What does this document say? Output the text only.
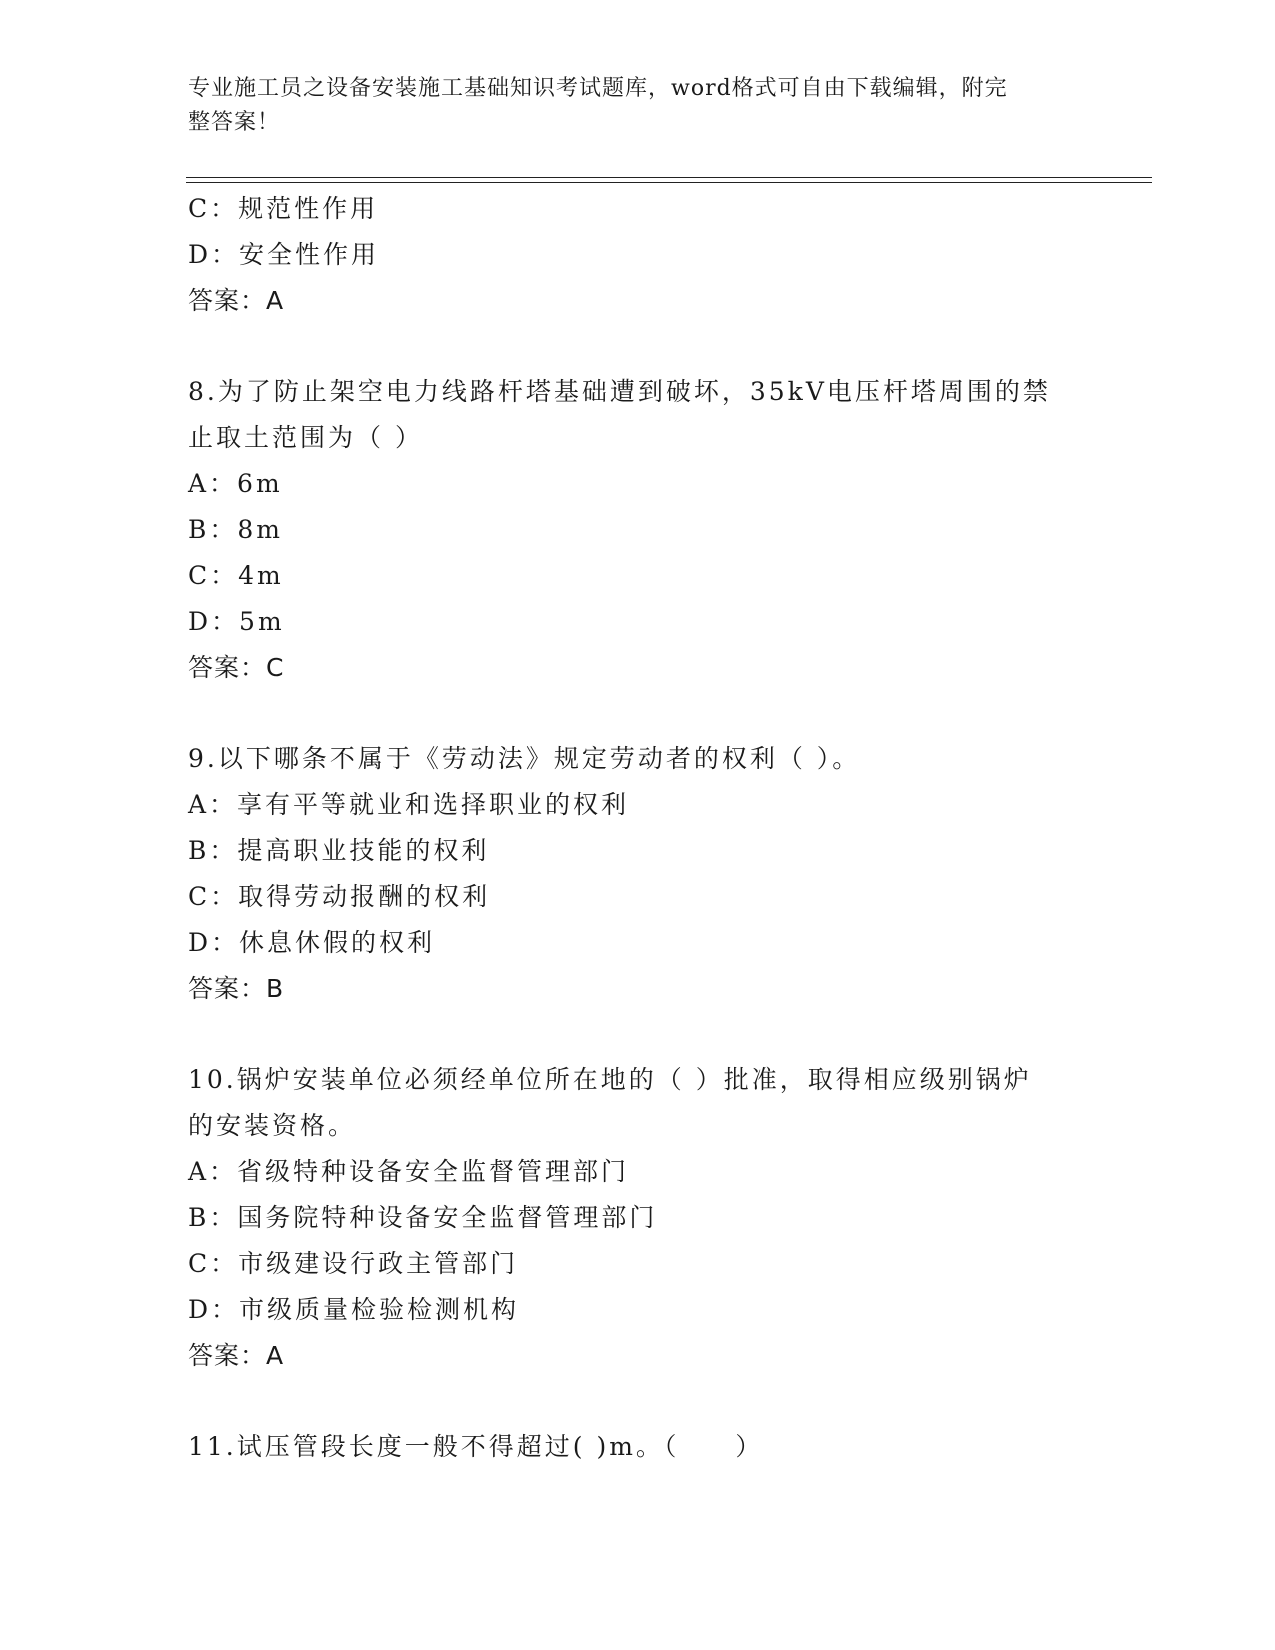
专业施工员之设备安装施工基础知识考试题库，word格式可自由下载编辑，附完
整答案！
C：规范性作用
D：安全性作用
答案：A
8.为了防止架空电力线路杆塔基础遭到破坏，35kV电压杆塔周围的禁
止取土范围为（ ）
A：6m
B：8m
C：4m
D：5m
答案：C
9.以下哪条不属于《劳动法》规定劳动者的权利（ ）。
A：享有平等就业和选择职业的权利
B：提高职业技能的权利
C：取得劳动报酬的权利
D：休息休假的权利
答案：B
10.锅炉安装单位必须经单位所在地的（ ）批准，取得相应级别锅炉
的安装资格。
A：省级特种设备安全监督管理部门
B：国务院特种设备安全监督管理部门
C：市级建设行政主管部门
D：市级质量检验检测机构
答案：A
11.试压管段长度一般不得超过( )m。（　　）
